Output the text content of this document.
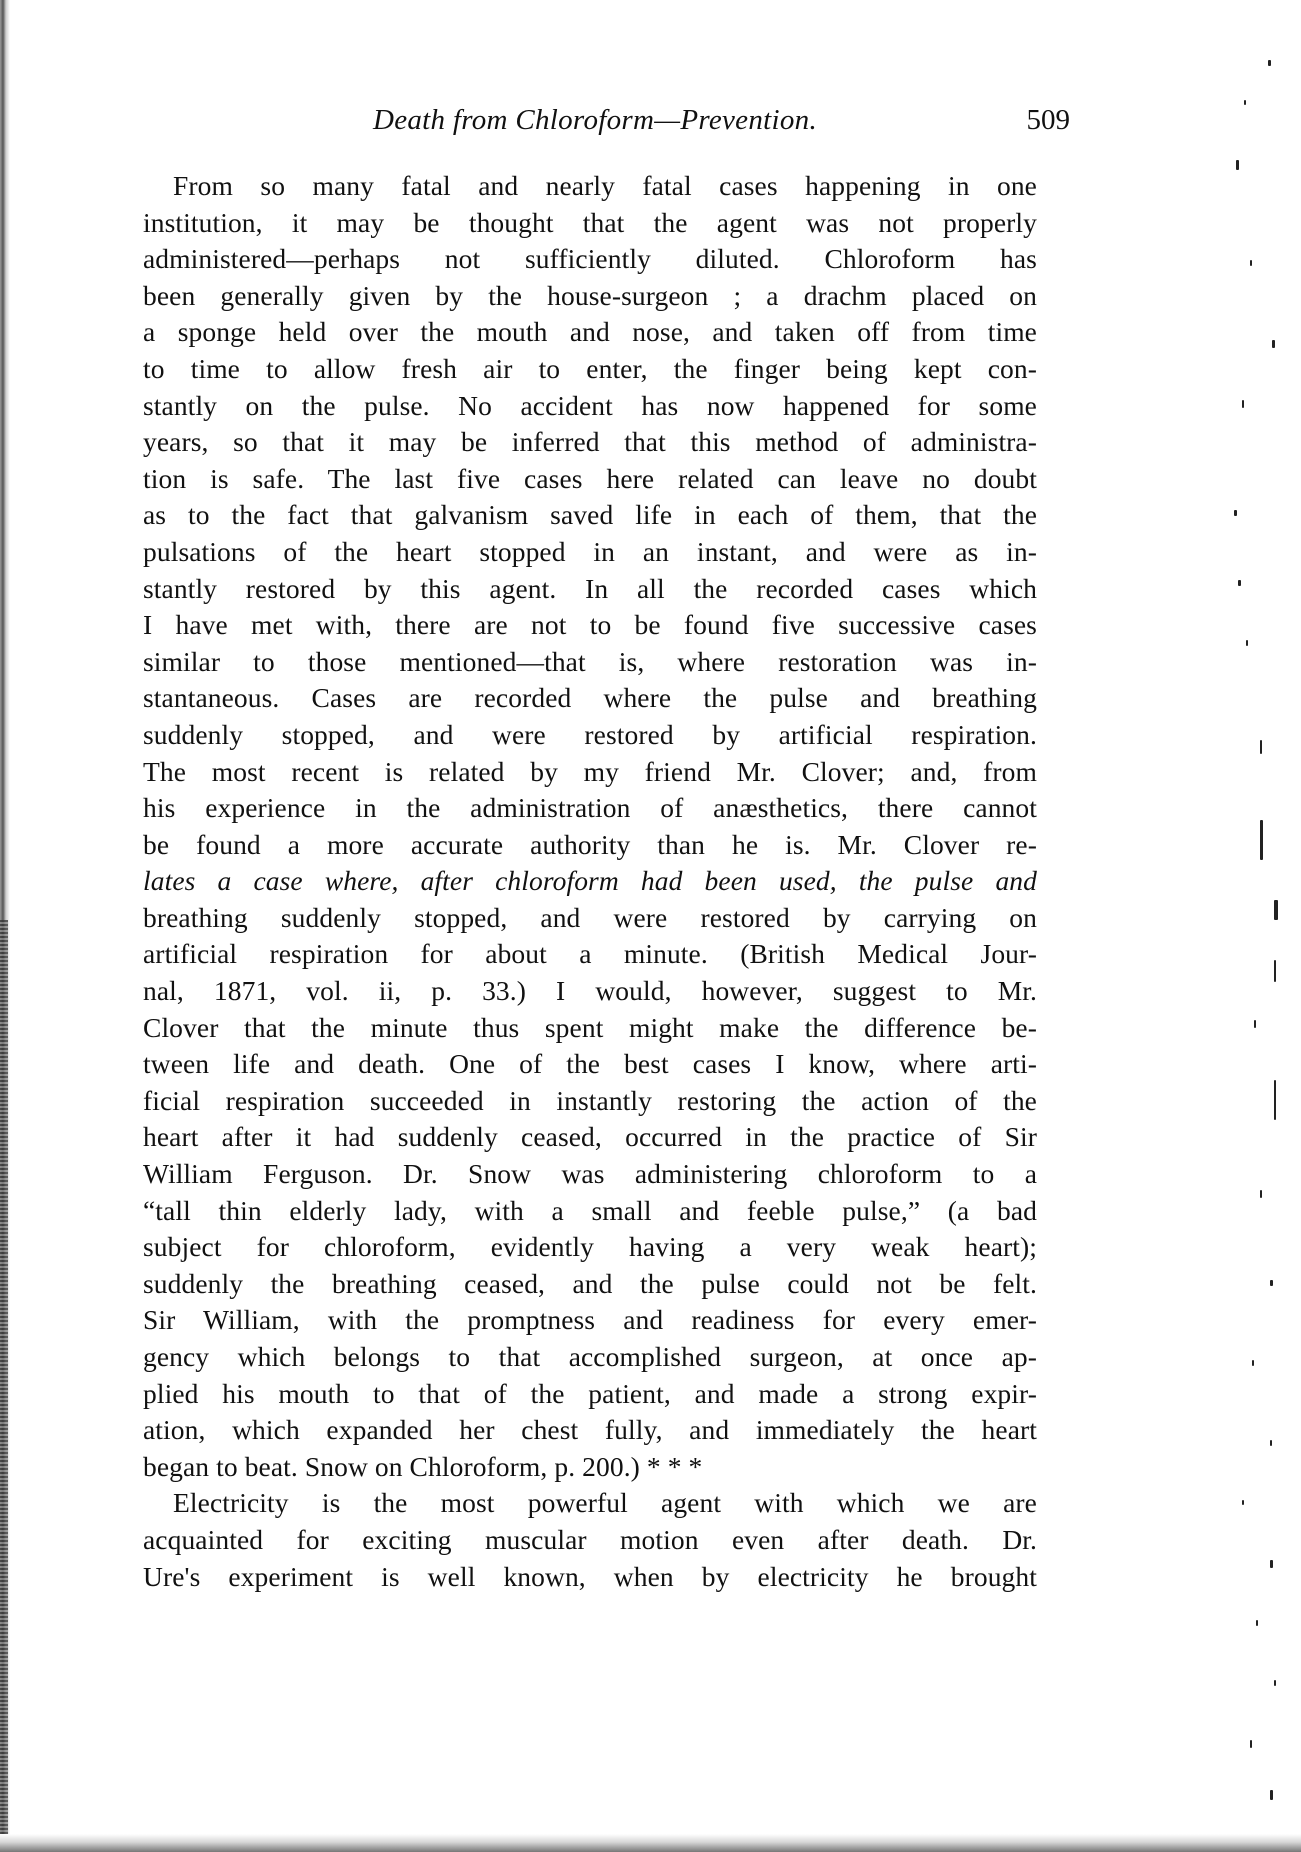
Death from Chloroform—Prevention.	509
From so many fatal and nearly fatal cases happening in one
institution, it may be thought that the agent was not properly
administered—perhaps not sufficiently diluted. Chloroform has
been generally given by the house-surgeon ; a drachm placed on
a sponge held over the mouth and nose, and taken off from time
to time to allow fresh air to enter, the finger being kept con-
stantly on the pulse. No accident has now happened for some
years, so that it may be inferred that this method of administra-
tion is safe. The last five cases here related can leave no doubt
as to the fact that galvanism saved life in each of them, that the
pulsations of the heart stopped in an instant, and were as in-
stantly restored by this agent. In all the recorded cases which
I have met with, there are not to be found five successive cases
similar to those mentioned—that is, where restoration was in-
stantaneous. Cases are recorded where the pulse and breathing
suddenly stopped, and were restored by artificial respiration.
The most recent is related by my friend Mr. Clover; and, from
his experience in the administration of anæsthetics, there cannot
be found a more accurate authority than he is. Mr. Clover re-
lates a case where, after chloroform had been used, the pulse and
breathing suddenly stopped, and were restored by carrying on
artificial respiration for about a minute. (British Medical Jour-
nal, 1871, vol. ii, p. 33.) I would, however, suggest to Mr.
Clover that the minute thus spent might make the difference be-
tween life and death. One of the best cases I know, where arti-
ficial respiration succeeded in instantly restoring the action of the
heart after it had suddenly ceased, occurred in the practice of Sir
William Ferguson. Dr. Snow was administering chloroform to a
“tall thin elderly lady, with a small and feeble pulse,” (a bad
subject for chloroform, evidently having a very weak heart);
suddenly the breathing ceased, and the pulse could not be felt.
Sir William, with the promptness and readiness for every emer-
gency which belongs to that accomplished surgeon, at once ap-
plied his mouth to that of the patient, and made a strong expir-
ation, which expanded her chest fully, and immediately the heart
began to beat. Snow on Chloroform, p. 200.) * * *
Electricity is the most powerful agent with which we are
acquainted for exciting muscular motion even after death. Dr.
Ure's experiment is well known, when by electricity he brought
